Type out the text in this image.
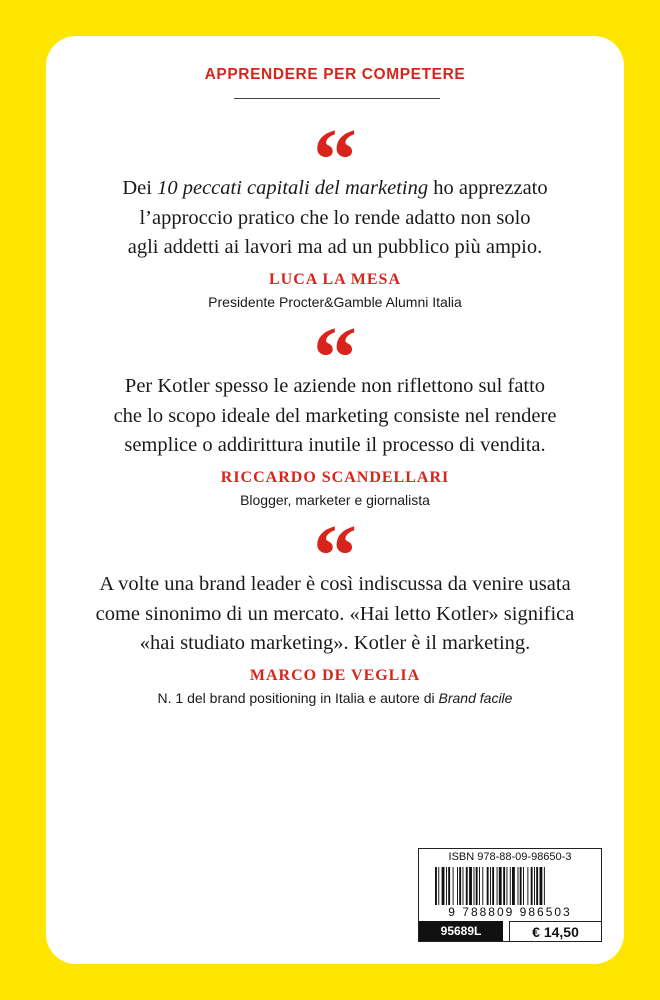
APPRENDERE PER COMPETERE
“
Dei 10 peccati capitali del marketing ho apprezzato
l’approccio pratico che lo rende adatto non solo
agli addetti ai lavori ma ad un pubblico più ampio.
LUCA LA MESA
Presidente Procter&Gamble Alumni Italia
“
Per Kotler spesso le aziende non riflettono sul fatto
che lo scopo ideale del marketing consiste nel rendere
semplice o addirittura inutile il processo di vendita.
RICCARDO SCANDELLARI
Blogger, marketer e giornalista
“
A volte una brand leader è così indiscussa da venire usata
come sinonimo di un mercato. «Hai letto Kotler» significa
«hai studiato marketing». Kotler è il marketing.
MARCO DE VEGLIA
N. 1 del brand positioning in Italia e autore di Brand facile
ISBN 978-88-09-98650-3
9 788809 986503
95689L	€ 14,50
